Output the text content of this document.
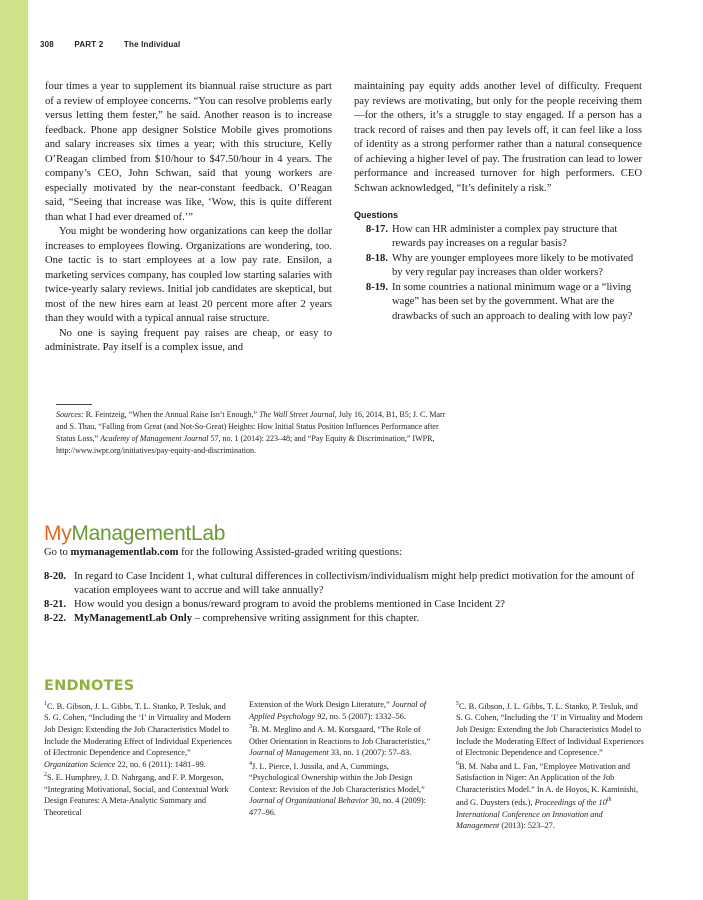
308	PART 2	The Individual

four times a year to supplement its biannual raise structure as part of a review of employee concerns. “You can resolve problems early versus letting them fester,” he said. Another reason is to increase feedback. Phone app designer Solstice Mobile gives promotions and salary increases six times a year; with this structure, Kelly O’Reagan climbed from $10/hour to $47.50/hour in 4 years. The company’s CEO, John Schwan, said that young workers are especially motivated by the near-constant feedback. O’Reagan said, “Seeing that increase was like, ‘Wow, this is quite different than what I had ever dreamed of.’”

You might be wondering how organizations can keep the dollar increases to employees flowing. Organizations are wondering, too. One tactic is to start employees at a low pay rate. Ensilon, a marketing services company, has coupled low starting salaries with twice-yearly salary reviews. Initial job candidates are skeptical, but most of the new hires earn at least 20 percent more after 2 years than they would with a typical annual raise structure.

No one is saying frequent pay raises are cheap, or easy to administrate. Pay itself is a complex issue, and

maintaining pay equity adds another level of difficulty. Frequent pay reviews are motivating, but only for the people receiving them—for the others, it’s a struggle to stay engaged. If a person has a track record of raises and then pay levels off, it can feel like a loss of identity as a strong performer rather than a natural consequence of achieving a higher level of pay. The frustration can lead to lower performance and increased turnover for high performers. CEO Schwan acknowledged, “It’s definitely a risk.”

Questions
8-17. How can HR administer a complex pay structure that rewards pay increases on a regular basis?
8-18. Why are younger employees more likely to be motivated by very regular pay increases than older workers?
8-19. In some countries a national minimum wage or a “living wage” has been set by the government. What are the drawbacks of such an approach to dealing with low pay?
Sources: R. Feintzeig, “When the Annual Raise Isn’t Enough,” The Wall Street Journal, July 16, 2014, B1, B5; J. C. Marr and S. Thau, “Falling from Great (and Not-So-Great) Heights: How Initial Status Position Influences Performance after Status Loss,” Academy of Management Journal 57, no. 1 (2014): 223–48; and “Pay Equity & Discrimination,” IWPR, http://www.iwpr.org/initiatives/pay-equity-and-discrimination.
MyManagementLab
Go to mymanagementlab.com for the following Assisted-graded writing questions:
8-20. In regard to Case Incident 1, what cultural differences in collectivism/individualism might help predict motivation for the amount of vacation employees want to accrue and will take annually?
8-21. How would you design a bonus/reward program to avoid the problems mentioned in Case Incident 2?
8-22. MyManagementLab Only – comprehensive writing assignment for this chapter.
ENDNOTES
$^1$C. B. Gibson, J. L. Gibbs, T. L. Stanko, P. Tesluk, and S. G. Cohen, “Including the ‘I’ in Virtuality and Modern Job Design: Extending the Job Characteristics Model to Include the Moderating Effect of Individual Experiences of Electronic Dependence and Copresence,” Organization Science 22, no. 6 (2011): 1481–99.
$^2$S. E. Humphrey, J. D. Nahrgang, and F. P. Morgeson, “Integrating Motivational, Social, and Contextual Work Design Features: A Meta-Analytic Summary and Theoretical
Extension of the Work Design Literature,” Journal of Applied Psychology 92, no. 5 (2007): 1332–56.
$^3$B. M. Meglino and A. M. Korsgaard, “The Role of Other Orientation in Reactions to Job Characteristics,” Journal of Management 33, no. 1 (2007): 57–83.
$^4$J. L. Pierce, I. Jussila, and A. Cummings, “Psychological Ownership within the Job Design Context: Revision of the Job Characteristics Model,” Journal of Organizational Behavior 30, no. 4 (2009): 477–96.
$^5$C. B. Gibson, J. L. Gibbs, T. L. Stanko, P. Tesluk, and S. G. Cohen, “Including the ‘I’ in Virtuality and Modern Job Design: Extending the Job Characteristics Model to Include the Moderating Effect of Individual Experiences of Electronic Dependence and Copresence.”
$^6$B. M. Naba and L. Fan, “Employee Motivation and Satisfaction in Niger: An Application of the Job Characteristics Model.” In A. de Hoyos, K. Kaminishi, and G. Duysters (eds.), Proceedings of the 10th International Conference on Innovation and Management (2013): 523–27.
